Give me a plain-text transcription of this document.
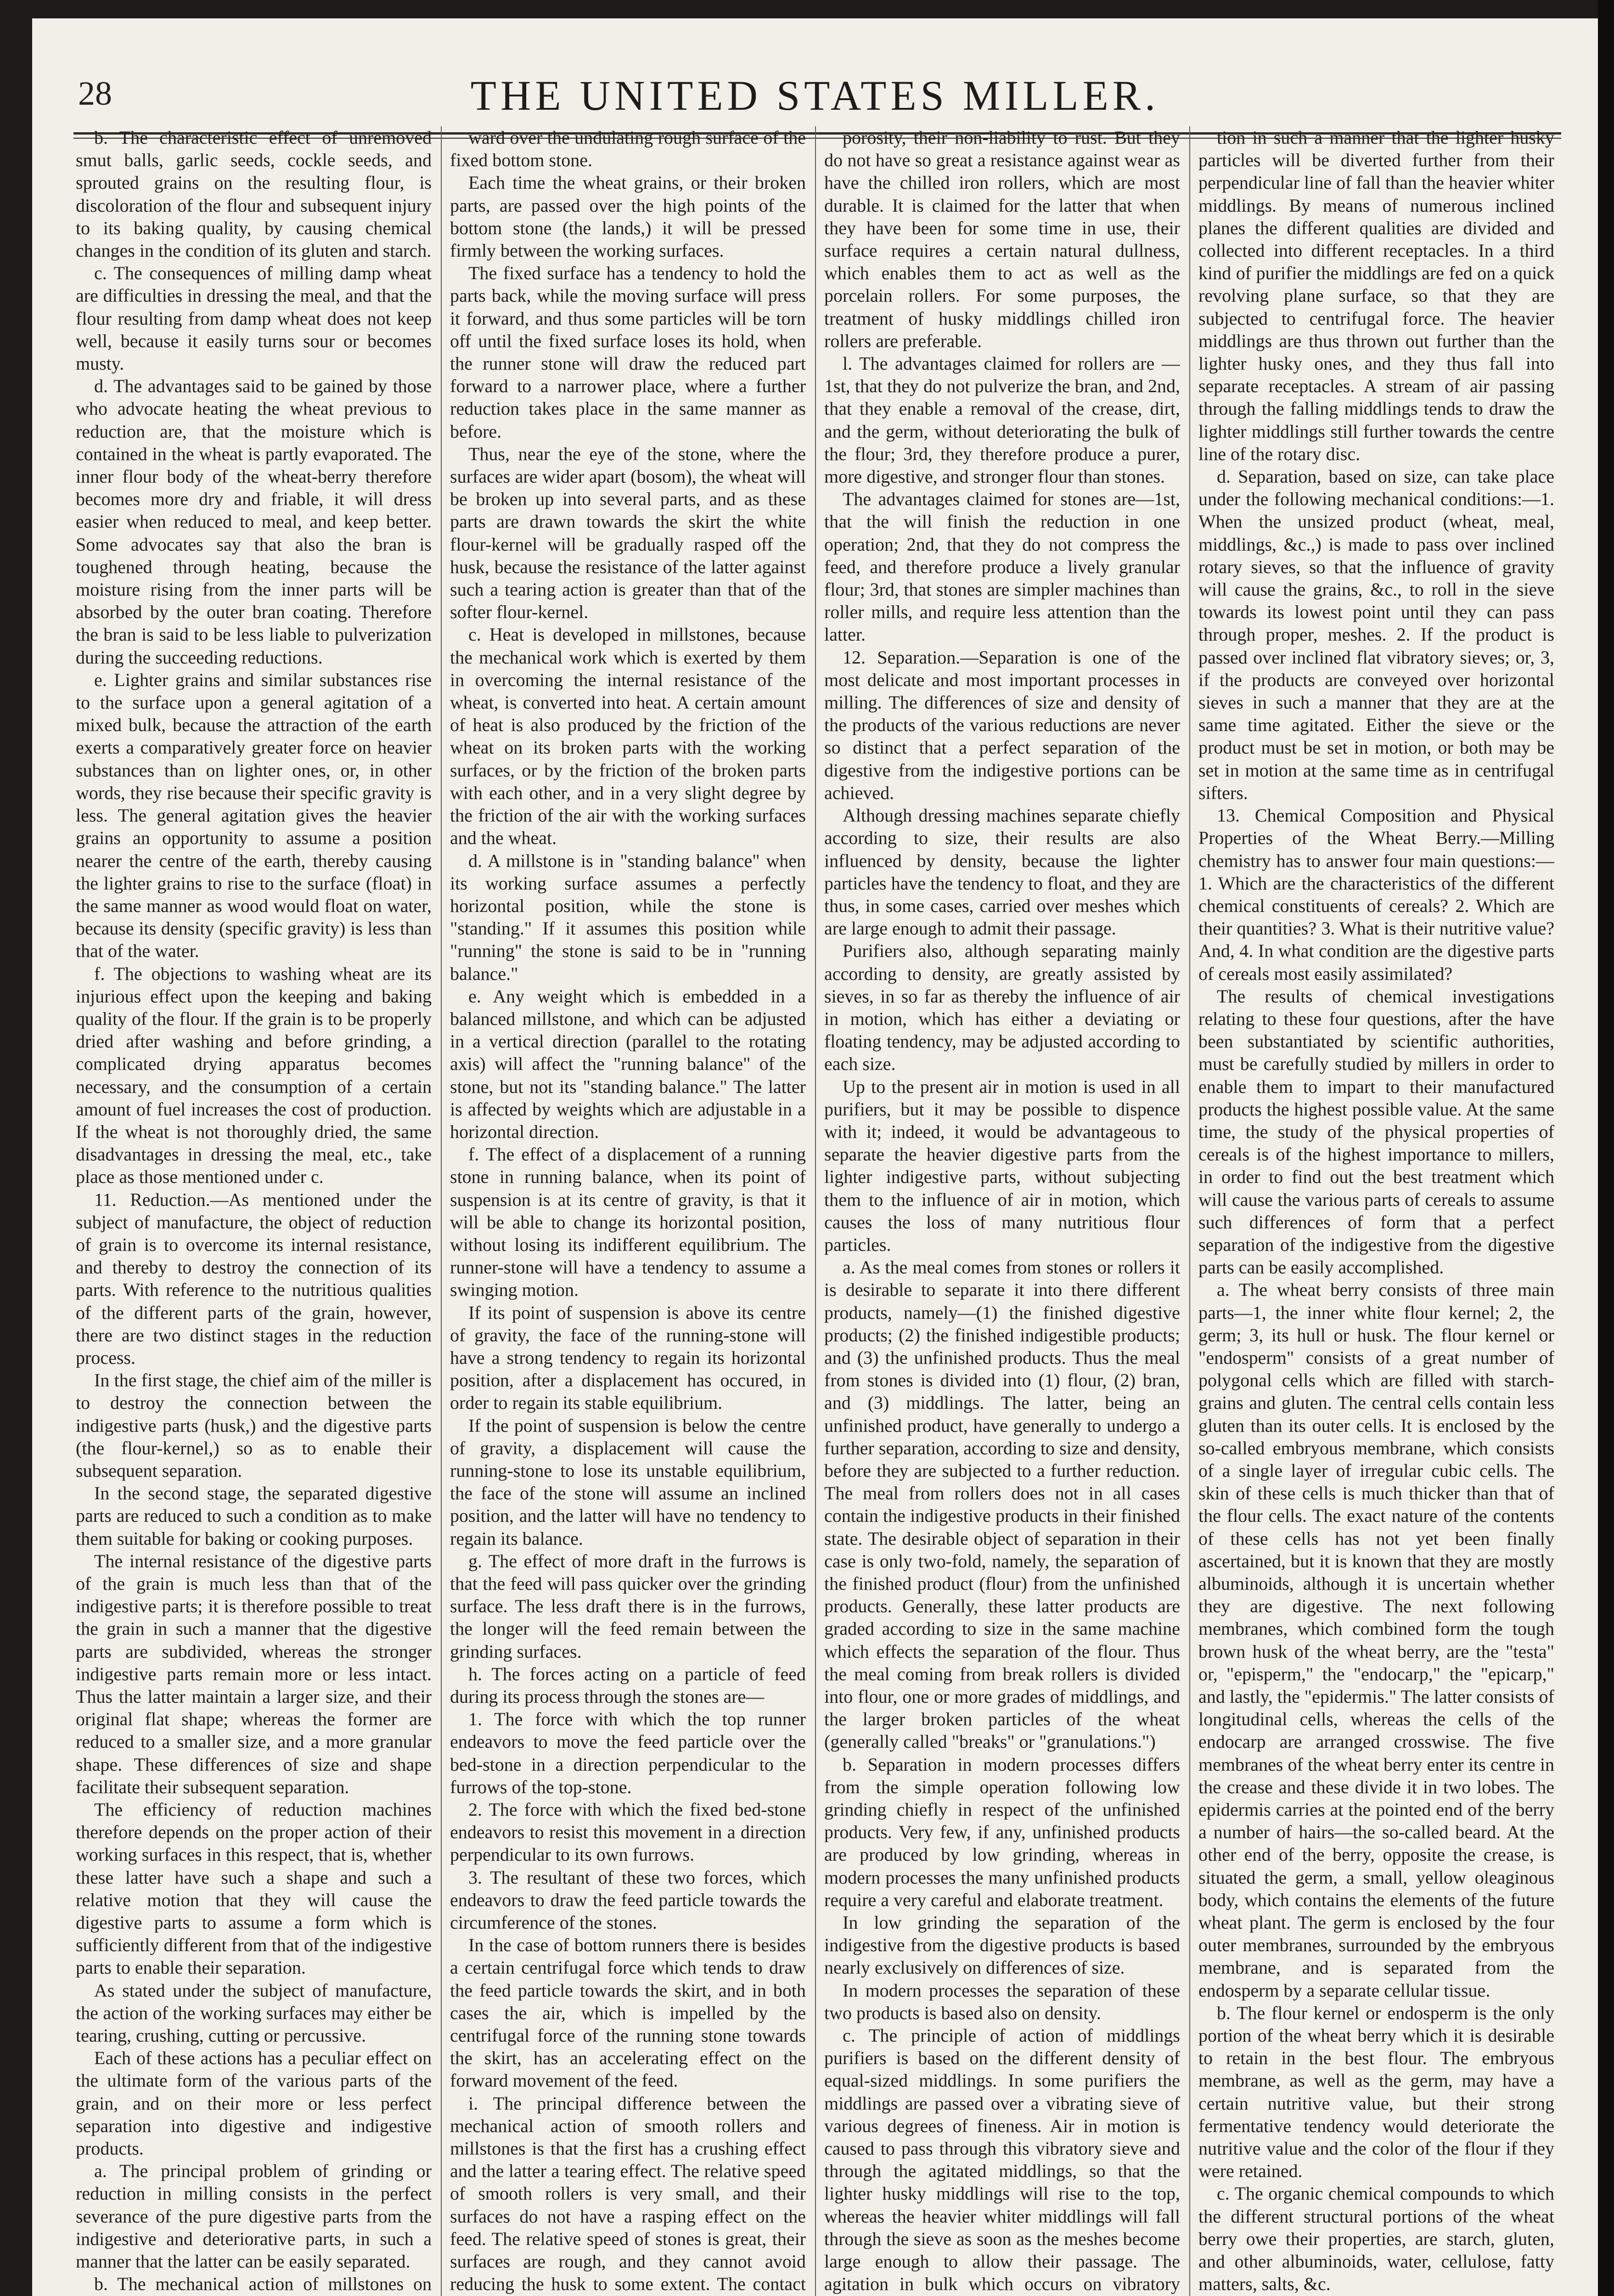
28	THE UNITED STATES MILLER.

b. The characteristic effect of unremoved smut balls, garlic seeds, cockle seeds, and sprouted grains on the resulting flour, is discoloration of the flour and subsequent injury to its baking quality, by causing chemical changes in the condition of its gluten and starch.

c. The consequences of milling damp wheat are difficulties in dressing the meal, and that the flour resulting from damp wheat does not keep well, because it easily turns sour or becomes musty.

d. The advantages said to be gained by those who advocate heating the wheat previous to reduction are, that the moisture which is contained in the wheat is partly evaporated. The inner flour body of the wheat-berry therefore becomes more dry and friable, it will dress easier when reduced to meal, and keep better. Some advocates say that also the bran is toughened through heating, because the moisture rising from the inner parts will be absorbed by the outer bran coating. Therefore the bran is said to be less liable to pulverization during the succeeding reductions.

e. Lighter grains and similar substances rise to the surface upon a general agitation of a mixed bulk, because the attraction of the earth exerts a comparatively greater force on heavier substances than on lighter ones, or, in other words, they rise because their specific gravity is less. The general agitation gives the heavier grains an opportunity to assume a position nearer the centre of the earth, thereby causing the lighter grains to rise to the surface (float) in the same manner as wood would float on water, because its density (specific gravity) is less than that of the water.

f. The objections to washing wheat are its injurious effect upon the keeping and baking quality of the flour. If the grain is to be properly dried after washing and before grinding, a complicated drying apparatus becomes necessary, and the consumption of a certain amount of fuel increases the cost of production. If the wheat is not thoroughly dried, the same disadvantages in dressing the meal, etc., take place as those mentioned under c.

11. Reduction.—As mentioned under the subject of manufacture, the object of reduction of grain is to overcome its internal resistance, and thereby to destroy the connection of its parts. With reference to the nutritious qualities of the different parts of the grain, however, there are two distinct stages in the reduction process.

In the first stage, the chief aim of the miller is to destroy the connection between the indigestive parts (husk,) and the digestive parts (the flour-kernel,) so as to enable their subsequent separation.

In the second stage, the separated digestive parts are reduced to such a condition as to make them suitable for baking or cooking purposes.

The internal resistance of the digestive parts of the grain is much less than that of the indigestive parts; it is therefore possible to treat the grain in such a manner that the digestive parts are subdivided, whereas the stronger indigestive parts remain more or less intact. Thus the latter maintain a larger size, and their original flat shape; whereas the former are reduced to a smaller size, and a more granular shape. These differences of size and shape facilitate their subsequent separation.

The efficiency of reduction machines therefore depends on the proper action of their working surfaces in this respect, that is, whether these latter have such a shape and such a relative motion that they will cause the digestive parts to assume a form which is sufficiently different from that of the indigestive parts to enable their separation.

As stated under the subject of manufacture, the action of the working surfaces may either be tearing, crushing, cutting or percussive.

Each of these actions has a peculiar effect on the ultimate form of the various parts of the grain, and on their more or less perfect separation into digestive and indigestive products.

a. The principal problem of grinding or reduction in milling consists in the perfect severance of the pure digestive parts from the indigestive and deteriorative parts, in such a manner that the latter can be easily separated.

b. The mechanical action of millstones on

ward over the undulating rough surface of the fixed bottom stone.

Each time the wheat grains, or their broken parts, are passed over the high points of the bottom stone (the lands,) it will be pressed firmly between the working surfaces.

The fixed surface has a tendency to hold the parts back, while the moving surface will press it forward, and thus some particles will be torn off until the fixed surface loses its hold, when the runner stone will draw the reduced part forward to a narrower place, where a further reduction takes place in the same manner as before.

Thus, near the eye of the stone, where the surfaces are wider apart (bosom), the wheat will be broken up into several parts, and as these parts are drawn towards the skirt the white flour-kernel will be gradually rasped off the husk, because the resistance of the latter against such a tearing action is greater than that of the softer flour-kernel.

c. Heat is developed in millstones, because the mechanical work which is exerted by them in overcoming the internal resistance of the wheat, is converted into heat. A certain amount of heat is also produced by the friction of the wheat on its broken parts with the working surfaces, or by the friction of the broken parts with each other, and in a very slight degree by the friction of the air with the working surfaces and the wheat.

d. A millstone is in "standing balance" when its working surface assumes a perfectly horizontal position, while the stone is "standing." If it assumes this position while "running" the stone is said to be in "running balance."

e. Any weight which is embedded in a balanced millstone, and which can be adjusted in a vertical direction (parallel to the rotating axis) will affect the "running balance" of the stone, but not its "standing balance." The latter is affected by weights which are adjustable in a horizontal direction.

f. The effect of a displacement of a running stone in running balance, when its point of suspension is at its centre of gravity, is that it will be able to change its horizontal position, without losing its indifferent equilibrium. The runner-stone will have a tendency to assume a swinging motion.

If its point of suspension is above its centre of gravity, the face of the running-stone will have a strong tendency to regain its horizontal position, after a displacement has occured, in order to regain its stable equilibrium.

If the point of suspension is below the centre of gravity, a displacement will cause the running-stone to lose its unstable equilibrium, the face of the stone will assume an inclined position, and the latter will have no tendency to regain its balance.

g. The effect of more draft in the furrows is that the feed will pass quicker over the grinding surface. The less draft there is in the furrows, the longer will the feed remain between the grinding surfaces.

h. The forces acting on a particle of feed during its process through the stones are—

1. The force with which the top runner endeavors to move the feed particle over the bed-stone in a direction perpendicular to the furrows of the top-stone.

2. The force with which the fixed bed-stone endeavors to resist this movement in a direction perpendicular to its own furrows.

3. The resultant of these two forces, which endeavors to draw the feed particle towards the circumference of the stones.

In the case of bottom runners there is besides a certain centrifugal force which tends to draw the feed particle towards the skirt, and in both cases the air, which is impelled by the centrifugal force of the running stone towards the skirt, has an accelerating effect on the forward movement of the feed.

i. The principal difference between the mechanical action of smooth rollers and millstones is that the first has a crushing effect and the latter a tearing effect. The relative speed of smooth rollers is very small, and their surfaces do not have a rasping effect on the feed. The relative speed of stones is great, their surfaces are rough, and they cannot avoid reducing the husk to some extent. The contact

porosity, their non-liability to rust. But they do not have so great a resistance against wear as have the chilled iron rollers, which are most durable. It is claimed for the latter that when they have been for some time in use, their surface requires a certain natural dullness, which enables them to act as well as the porcelain rollers. For some purposes, the treatment of husky middlings chilled iron rollers are preferable.

l. The advantages claimed for rollers are —1st, that they do not pulverize the bran, and 2nd, that they enable a removal of the crease, dirt, and the germ, without deteriorating the bulk of the flour; 3rd, they therefore produce a purer, more digestive, and stronger flour than stones.

The advantages claimed for stones are—1st, that the will finish the reduction in one operation; 2nd, that they do not compress the feed, and therefore produce a lively granular flour; 3rd, that stones are simpler machines than roller mills, and require less attention than the latter.

12. Separation.—Separation is one of the most delicate and most important processes in milling. The differences of size and density of the products of the various reductions are never so distinct that a perfect separation of the digestive from the indigestive portions can be achieved.

Although dressing machines separate chiefly according to size, their results are also influenced by density, because the lighter particles have the tendency to float, and they are thus, in some cases, carried over meshes which are large enough to admit their passage.

Purifiers also, although separating mainly according to density, are greatly assisted by sieves, in so far as thereby the influence of air in motion, which has either a deviating or floating tendency, may be adjusted according to each size.

Up to the present air in motion is used in all purifiers, but it may be possible to dispence with it; indeed, it would be advantageous to separate the heavier digestive parts from the lighter indigestive parts, without subjecting them to the influence of air in motion, which causes the loss of many nutritious flour particles.

a. As the meal comes from stones or rollers it is desirable to separate it into there different products, namely—(1) the finished digestive products; (2) the finished indigestible products; and (3) the unfinished products. Thus the meal from stones is divided into (1) flour, (2) bran, and (3) middlings. The latter, being an unfinished product, have generally to undergo a further separation, according to size and density, before they are subjected to a further reduction. The meal from rollers does not in all cases contain the indigestive products in their finished state. The desirable object of separation in their case is only two-fold, namely, the separation of the finished product (flour) from the unfinished products. Generally, these latter products are graded according to size in the same machine which effects the separation of the flour. Thus the meal coming from break rollers is divided into flour, one or more grades of middlings, and the larger broken particles of the wheat (generally called "breaks" or "granulations.")

b. Separation in modern processes differs from the simple operation following low grinding chiefly in respect of the unfinished products. Very few, if any, unfinished products are produced by low grinding, whereas in modern processes the many unfinished products require a very careful and elaborate treatment.

In low grinding the separation of the indigestive from the digestive products is based nearly exclusively on differences of size.

In modern processes the separation of these two products is based also on density.

c. The principle of action of middlings purifiers is based on the different density of equal-sized middlings. In some purifiers the middlings are passed over a vibrating sieve of various degrees of fineness. Air in motion is caused to pass through this vibratory sieve and through the agitated middlings, so that the lighter husky middlings will rise to the top, whereas the heavier whiter middlings will fall through the sieve as soon as the meshes become large enough to allow their passage. The agitation in bulk which occurs on vibratory

tion in such a manner that the lighter husky particles will be diverted further from their perpendicular line of fall than the heavier whiter middlings. By means of numerous inclined planes the different qualities are divided and collected into different receptacles. In a third kind of purifier the middlings are fed on a quick revolving plane surface, so that they are subjected to centrifugal force. The heavier middlings are thus thrown out further than the lighter husky ones, and they thus fall into separate receptacles. A stream of air passing through the falling middlings tends to draw the lighter middlings still further towards the centre line of the rotary disc.

d. Separation, based on size, can take place under the following mechanical conditions:—1. When the unsized product (wheat, meal, middlings, &c.,) is made to pass over inclined rotary sieves, so that the influence of gravity will cause the grains, &c., to roll in the sieve towards its lowest point until they can pass through proper, meshes. 2. If the product is passed over inclined flat vibratory sieves; or, 3, if the products are conveyed over horizontal sieves in such a manner that they are at the same time agitated. Either the sieve or the product must be set in motion, or both may be set in motion at the same time as in centrifugal sifters.

13. Chemical Composition and Physical Properties of the Wheat Berry.—Milling chemistry has to answer four main questions:—1. Which are the characteristics of the different chemical constituents of cereals? 2. Which are their quantities? 3. What is their nutritive value? And, 4. In what condition are the digestive parts of cereals most easily assimilated?

The results of chemical investigations relating to these four questions, after the have been substantiated by scientific authorities, must be carefully studied by millers in order to enable them to impart to their manufactured products the highest possible value. At the same time, the study of the physical properties of cereals is of the highest importance to millers, in order to find out the best treatment which will cause the various parts of cereals to assume such differences of form that a perfect separation of the indigestive from the digestive parts can be easily accomplished.

a. The wheat berry consists of three main parts—1, the inner white flour kernel; 2, the germ; 3, its hull or husk. The flour kernel or "endosperm" consists of a great number of polygonal cells which are filled with starch-grains and gluten. The central cells contain less gluten than its outer cells. It is enclosed by the so-called embryous membrane, which consists of a single layer of irregular cubic cells. The skin of these cells is much thicker than that of the flour cells. The exact nature of the contents of these cells has not yet been finally ascertained, but it is known that they are mostly albuminoids, although it is uncertain whether they are digestive. The next following membranes, which combined form the tough brown husk of the wheat berry, are the "testa" or, "episperm," the "endocarp," the "epicarp," and lastly, the "epidermis." The latter consists of longitudinal cells, whereas the cells of the endocarp are arranged crosswise. The five membranes of the wheat berry enter its centre in the crease and these divide it in two lobes. The epidermis carries at the pointed end of the berry a number of hairs—the so-called beard. At the other end of the berry, opposite the crease, is situated the germ, a small, yellow oleaginous body, which contains the elements of the future wheat plant. The germ is enclosed by the four outer membranes, surrounded by the embryous membrane, and is separated from the endosperm by a separate cellular tissue.

b. The flour kernel or endosperm is the only portion of the wheat berry which it is desirable to retain in the best flour. The embryous membrane, as well as the germ, may have a certain nutritive value, but their strong fermentative tendency would deteriorate the nutritive value and the color of the flour if they were retained.

c. The organic chemical compounds to which the different structural portions of the wheat berry owe their properties, are starch, gluten, and other albuminoids, water, cellulose, fatty matters, salts, &c.
